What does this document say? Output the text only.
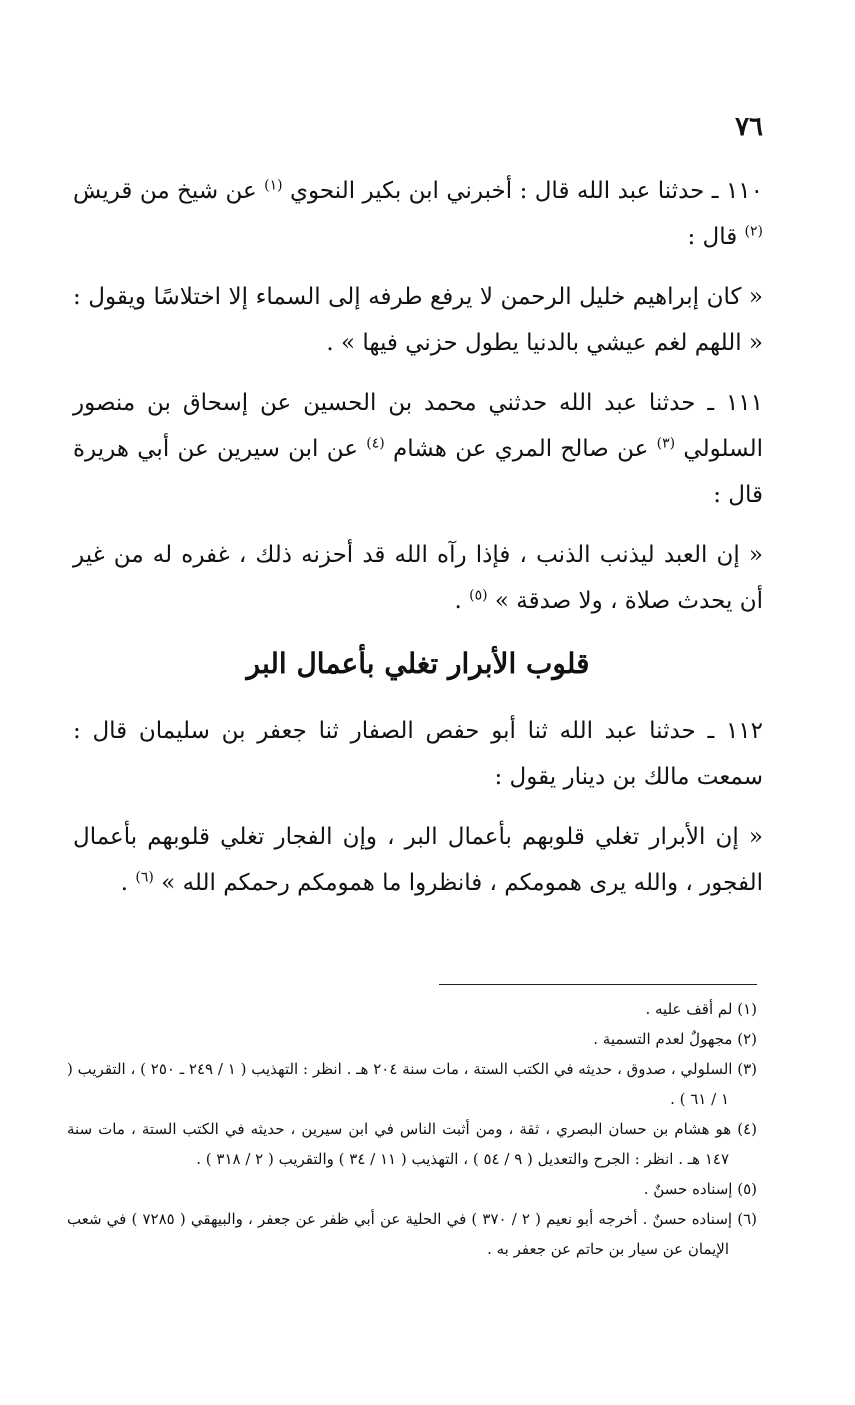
٧٦

١١٠ ـ حدثنا عبد الله قال : أخبرني ابن بكير النحوي $^{(١)}$ عن شيخ من قريش $^{(٢)}$ قال :

« كان إبراهيم خليل الرحمن لا يرفع طرفه إلى السماء إلا اختلاسًا ويقول : « اللهم لغم عيشي بالدنيا يطول حزني فيها » .

١١١ ـ حدثنا عبد الله حدثني محمد بن الحسين عن إسحاق بن منصور السلولي $^{(٣)}$ عن صالح المري عن هشام $^{(٤)}$ عن ابن سيرين عن أبي هريرة قال :

« إن العبد ليذنب الذنب ، فإذا رآه الله قد أحزنه ذلك ، غفره له من غير أن يحدث صلاة ، ولا صدقة » $^{(٥)}$ .

قلوب الأبرار تغلي بأعمال البر

١١٢ ـ حدثنا عبد الله ثنا أبو حفص الصفار ثنا جعفر بن سليمان قال : سمعت مالك بن دينار يقول :

« إن الأبرار تغلي قلوبهم بأعمال البر ، وإن الفجار تغلي قلوبهم بأعمال الفجور ، والله يرى همومكم ، فانظروا ما همومكم رحمكم الله » $^{(٦)}$ .

(١) لم أقف عليه .

(٢) مجهولٌ لعدم التسمية .

(٣) السلولي ، صدوق ، حديثه في الكتب الستة ، مات سنة ٢٠٤ هـ . انظر : التهذيب ( ١ / ٢٤٩ ـ ٢٥٠ ) ، التقريب ( ١ / ٦١ ) .

(٤) هو هشام بن حسان البصري ، ثقة ، ومن أثبت الناس في ابن سيرين ، حديثه في الكتب الستة ، مات سنة ١٤٧ هـ . انظر : الجرح والتعديل ( ٩ / ٥٤ ) ، التهذيب ( ١١ / ٣٤ ) والتقريب ( ٢ / ٣١٨ ) .

(٥) إسناده حسنٌ .

(٦) إسناده حسنٌ . أخرجه أبو نعيم ( ٢ / ٣٧٠ ) في الحلية عن أبي ظفر عن جعفر ، والبيهقي ( ٧٢٨٥ ) في شعب الإيمان عن سيار بن حاتم عن جعفر به .
